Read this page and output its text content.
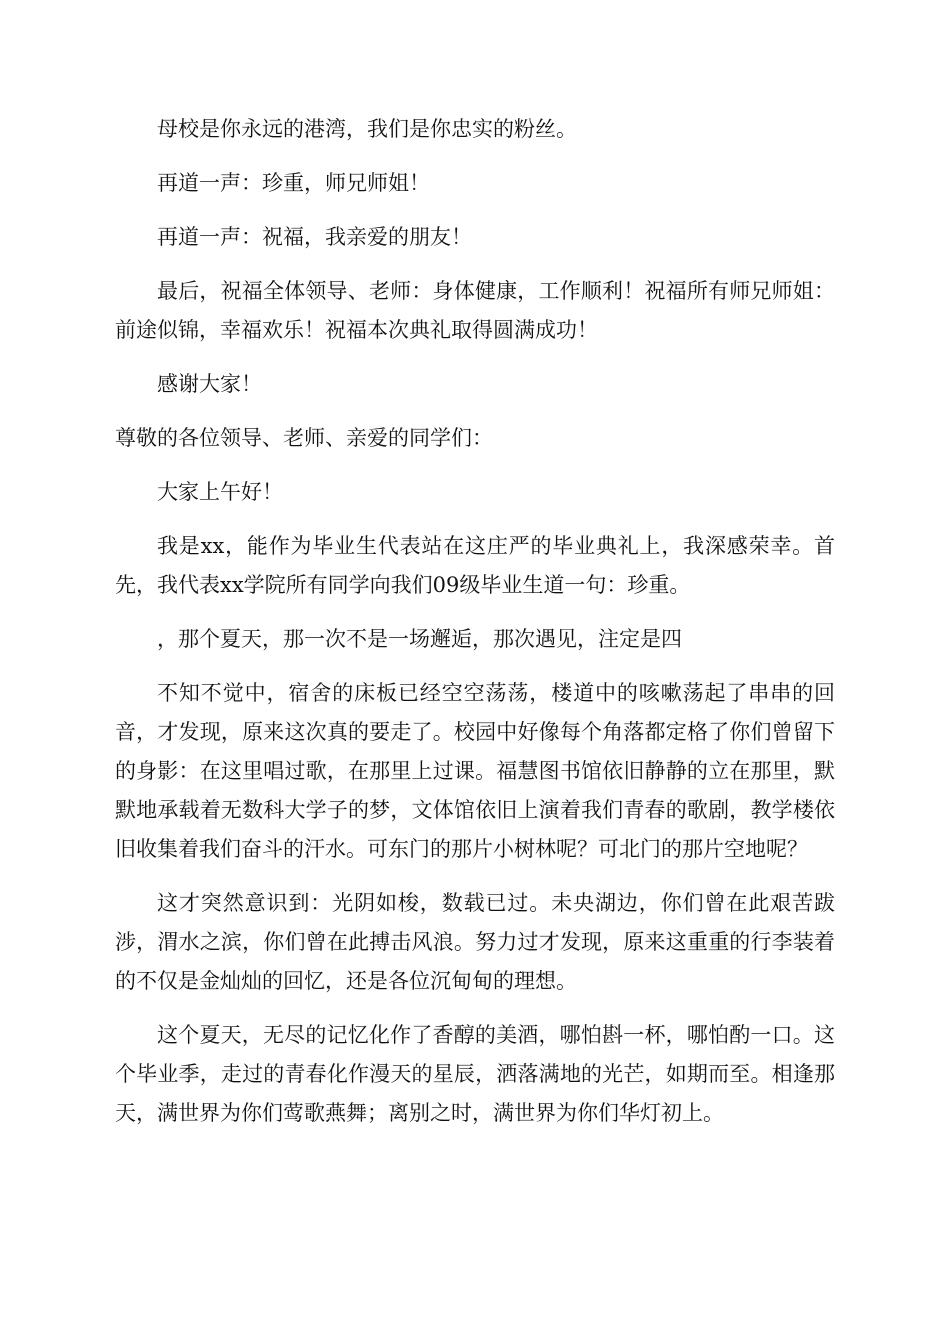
母校是你永远的港湾，我们是你忠实的粉丝。

再道一声：珍重，师兄师姐！

再道一声：祝福，我亲爱的朋友！

最后，祝福全体领导、老师：身体健康，工作顺利！祝福所有师兄师姐：前途似锦，幸福欢乐！祝福本次典礼取得圆满成功！

感谢大家！

尊敬的各位领导、老师、亲爱的同学们：

大家上午好！

我是xx，能作为毕业生代表站在这庄严的毕业典礼上，我深感荣幸。首先，我代表xx学院所有同学向我们09级毕业生道一句：珍重。

，那个夏天，那一次不是一场邂逅，那次遇见，注定是四

不知不觉中，宿舍的床板已经空空荡荡，楼道中的咳嗽荡起了串串的回音，才发现，原来这次真的要走了。校园中好像每个角落都定格了你们曾留下的身影：在这里唱过歌，在那里上过课。福慧图书馆依旧静静的立在那里，默默地承载着无数科大学子的梦，文体馆依旧上演着我们青春的歌剧，教学楼依旧收集着我们奋斗的汗水。可东门的那片小树林呢？可北门的那片空地呢？

这才突然意识到：光阴如梭，数载已过。未央湖边，你们曾在此艰苦跋涉，渭水之滨，你们曾在此搏击风浪。努力过才发现，原来这重重的行李装着的不仅是金灿灿的回忆，还是各位沉甸甸的理想。

这个夏天，无尽的记忆化作了香醇的美酒，哪怕斟一杯，哪怕酌一口。这个毕业季，走过的青春化作漫天的星辰，洒落满地的光芒，如期而至。相逢那天，满世界为你们莺歌燕舞；离别之时，满世界为你们华灯初上。
